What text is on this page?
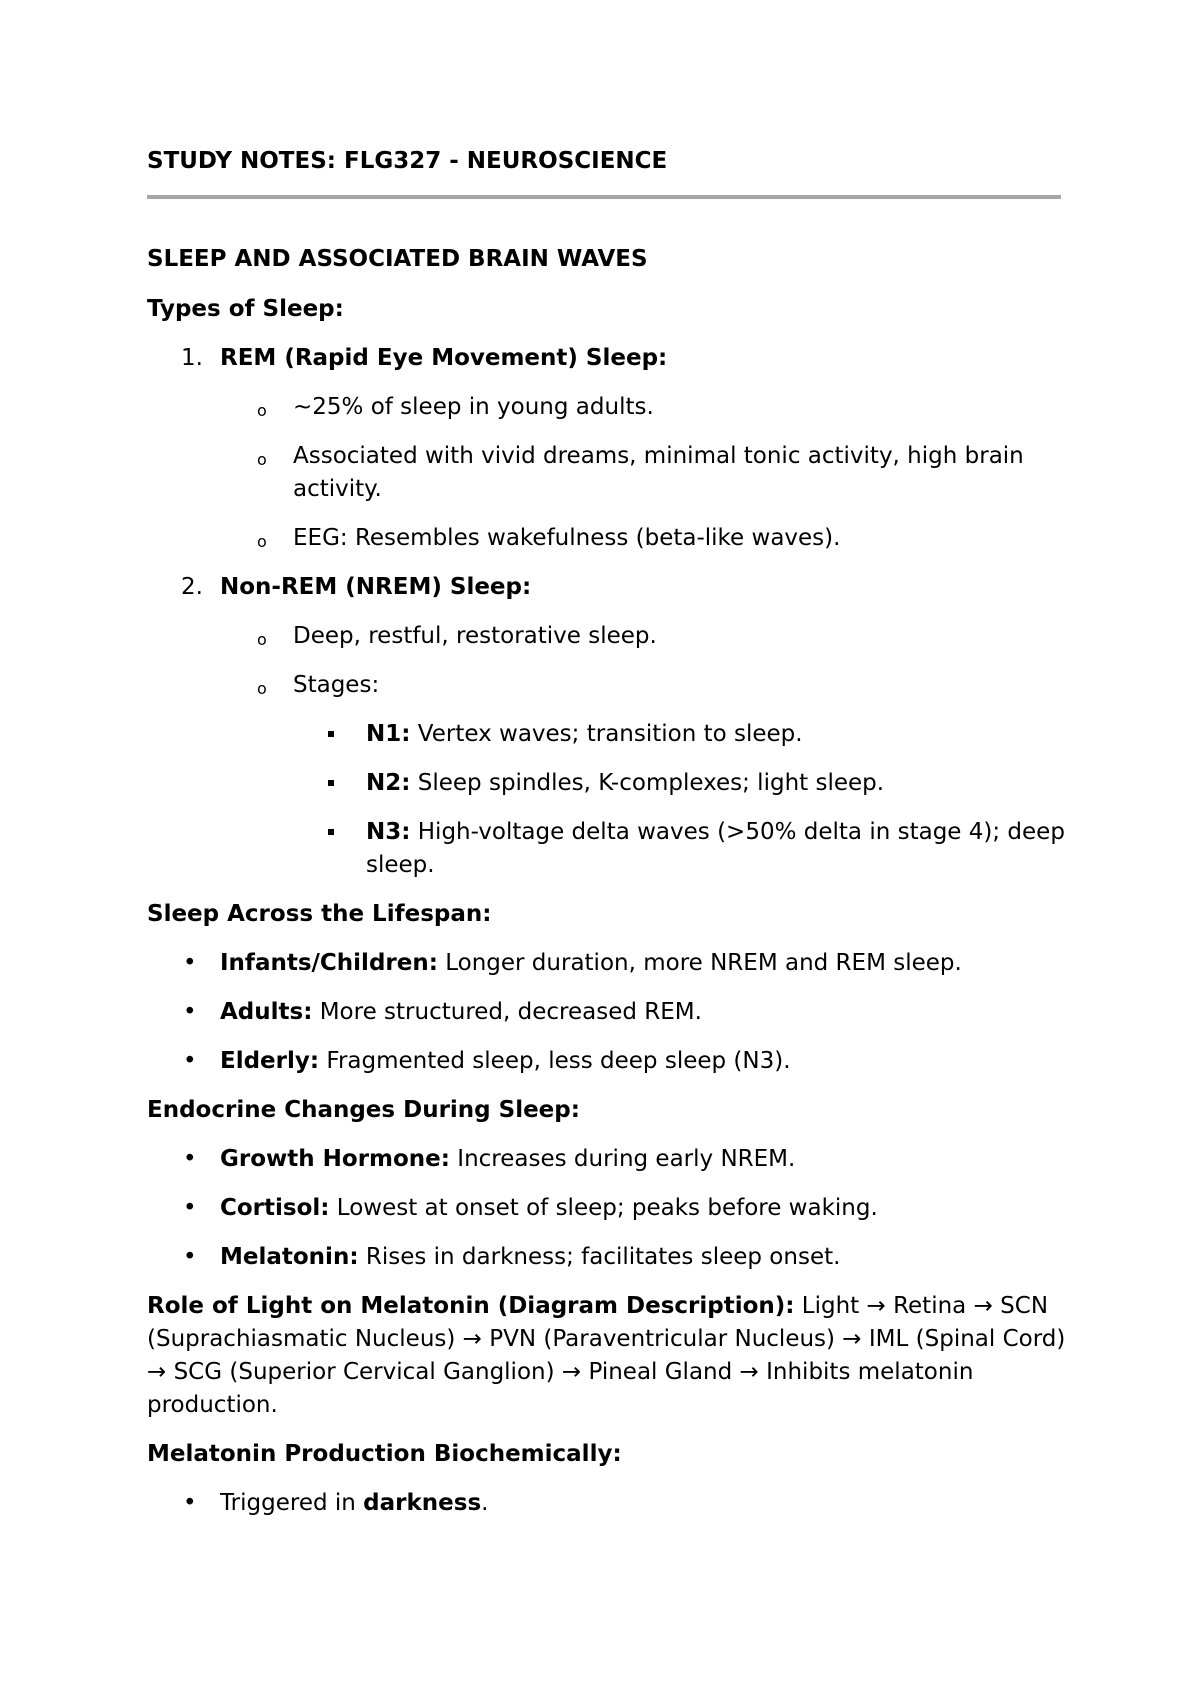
STUDY NOTES: FLG327 - NEUROSCIENCE
SLEEP AND ASSOCIATED BRAIN WAVES
Types of Sleep:
1. REM (Rapid Eye Movement) Sleep:
o ~25% of sleep in young adults.
o Associated with vivid dreams, minimal tonic activity, high brain activity.
o EEG: Resembles wakefulness (beta-like waves).
2. Non-REM (NREM) Sleep:
o Deep, restful, restorative sleep.
o Stages:
N1: Vertex waves; transition to sleep.
N2: Sleep spindles, K-complexes; light sleep.
N3: High-voltage delta waves (>50% delta in stage 4); deep sleep.
Sleep Across the Lifespan:
• Infants/Children: Longer duration, more NREM and REM sleep.
• Adults: More structured, decreased REM.
• Elderly: Fragmented sleep, less deep sleep (N3).
Endocrine Changes During Sleep:
• Growth Hormone: Increases during early NREM.
• Cortisol: Lowest at onset of sleep; peaks before waking.
• Melatonin: Rises in darkness; facilitates sleep onset.
Role of Light on Melatonin (Diagram Description): Light → Retina → SCN (Suprachiasmatic Nucleus) → PVN (Paraventricular Nucleus) → IML (Spinal Cord) → SCG (Superior Cervical Ganglion) → Pineal Gland → Inhibits melatonin production.
Melatonin Production Biochemically:
• Triggered in darkness.
